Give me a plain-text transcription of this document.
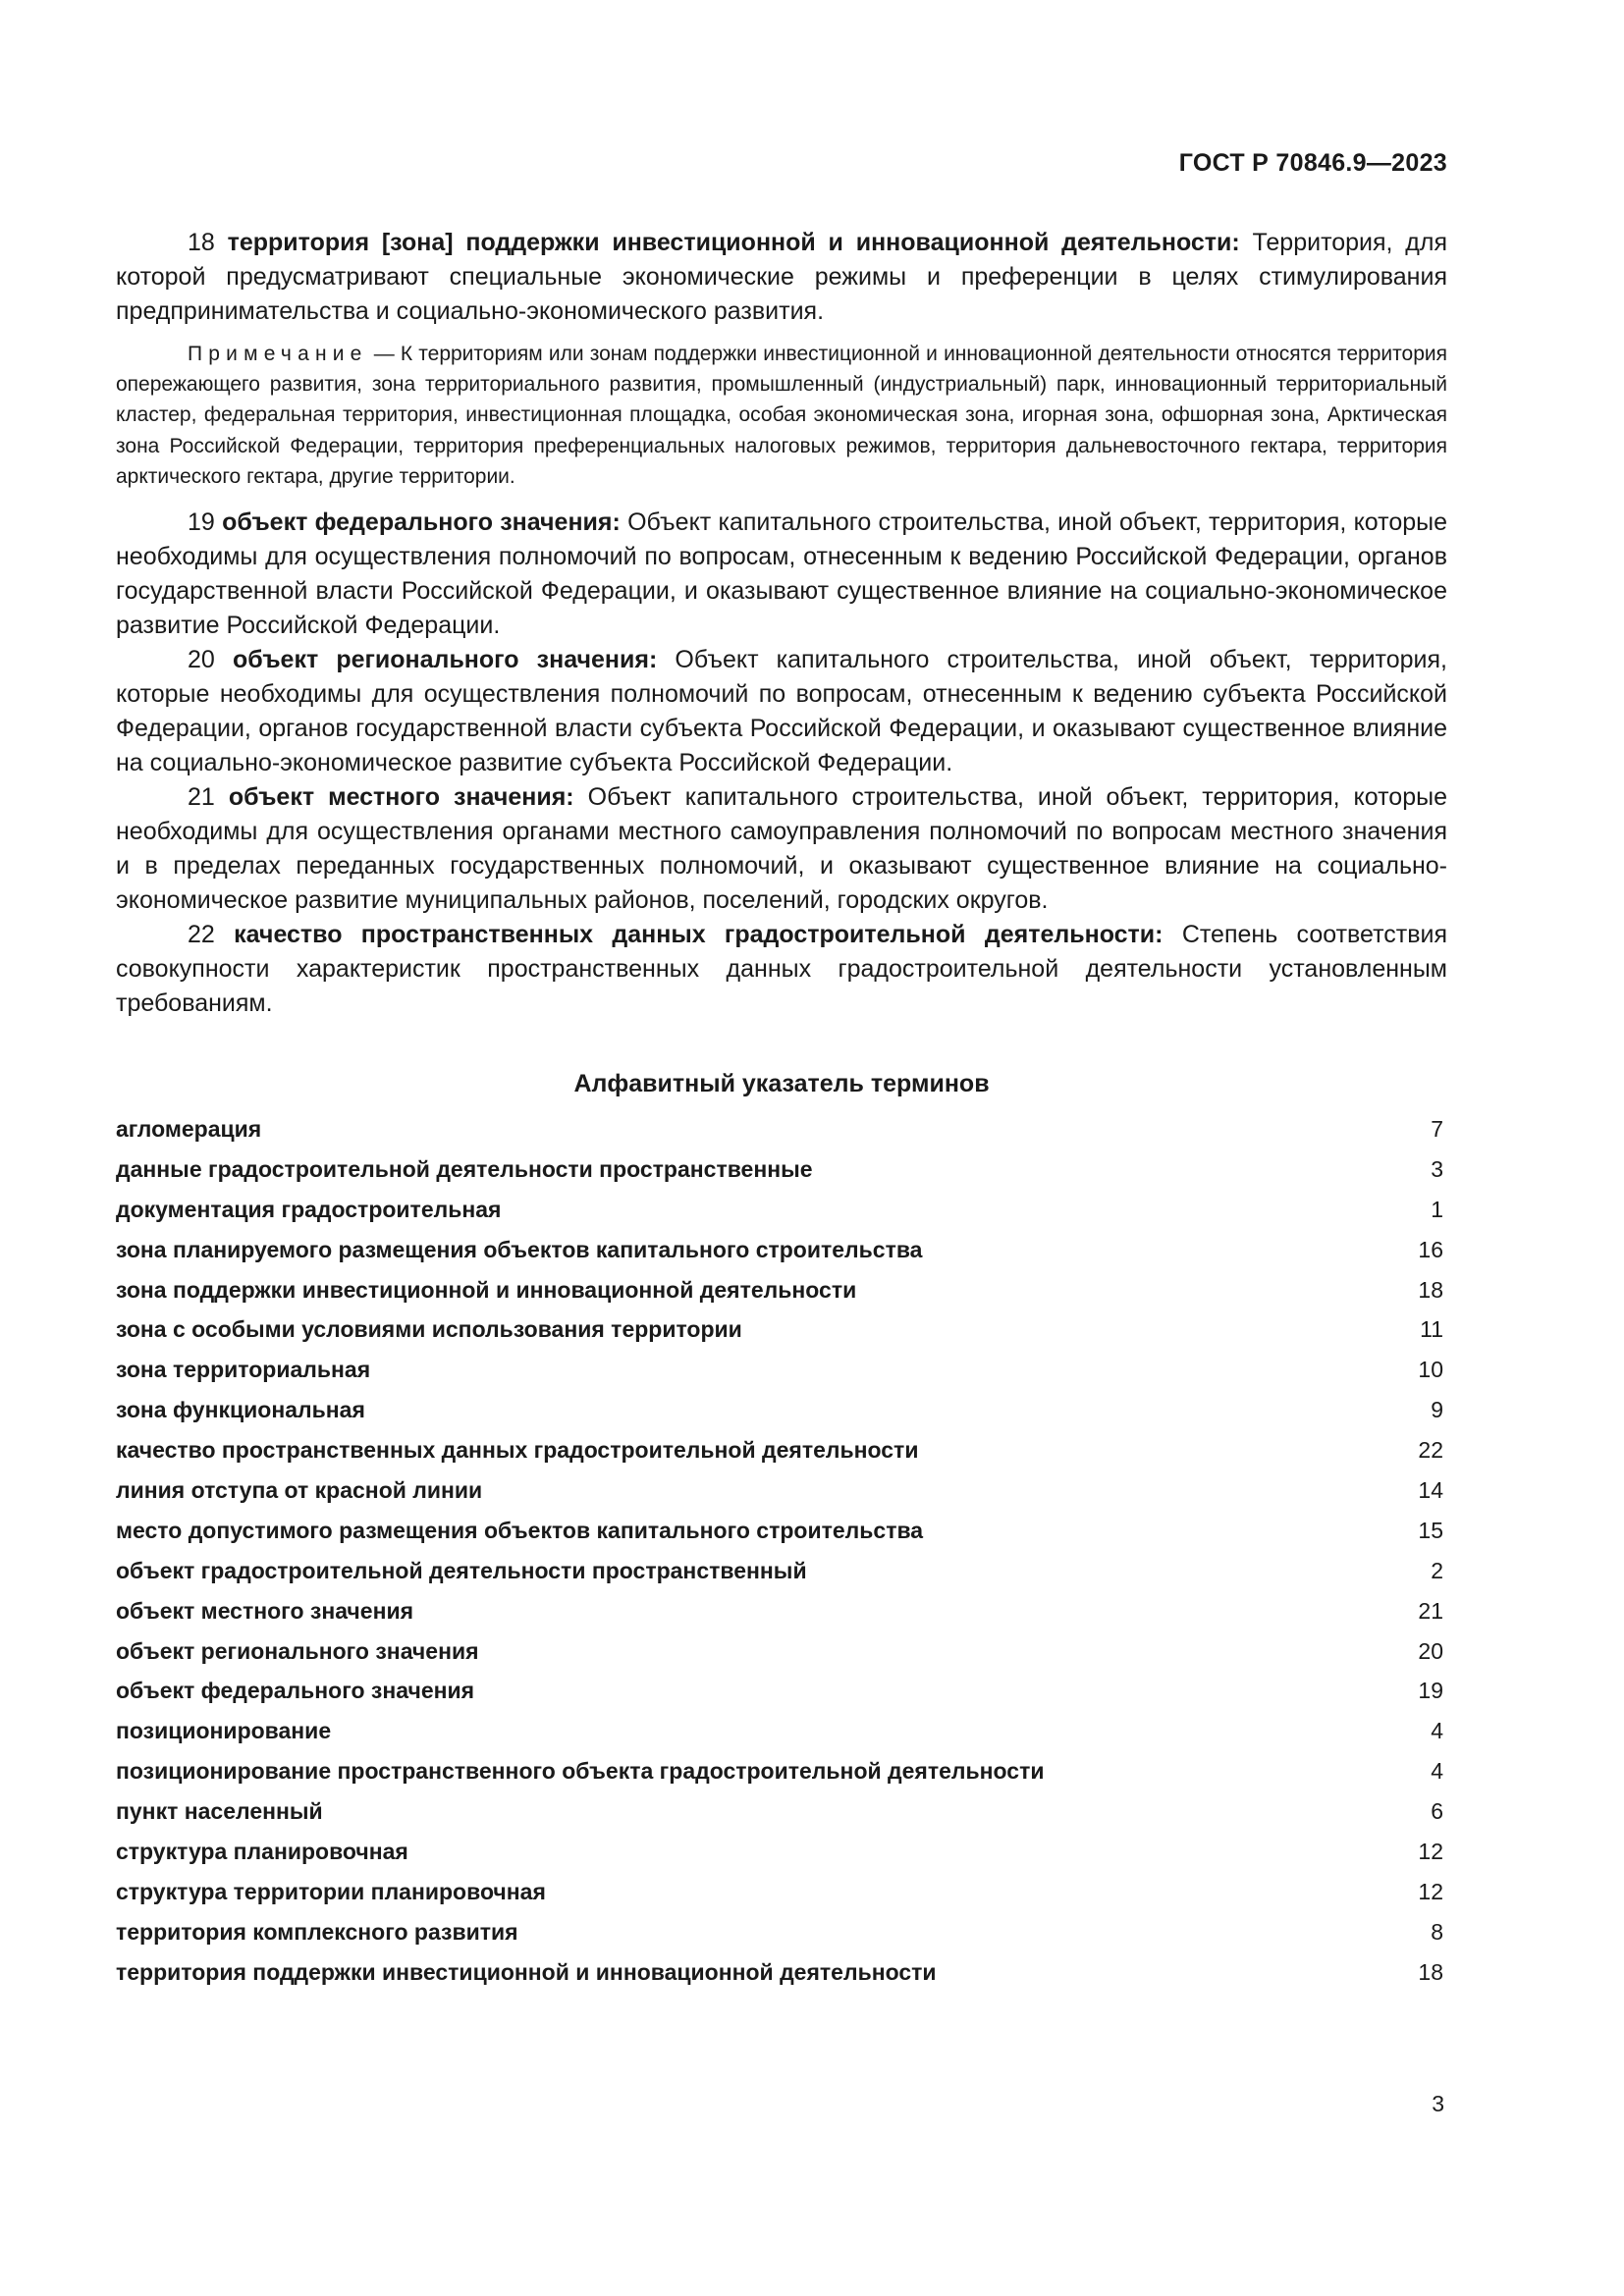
ГОСТ Р 70846.9—2023

18 территория [зона] поддержки инвестиционной и инновационной деятельности: Территория, для которой предусматривают специальные экономические режимы и преференции в целях стимулирования предпринимательства и социально-экономического развития.

Примечание — К территориям или зонам поддержки инвестиционной и инновационной деятельности относятся территория опережающего развития, зона территориального развития, промышленный (индустриальный) парк, инновационный территориальный кластер, федеральная территория, инвестиционная площадка, особая экономическая зона, игорная зона, офшорная зона, Арктическая зона Российской Федерации, территория преференциальных налоговых режимов, территория дальневосточного гектара, территория арктического гектара, другие территории.

19 объект федерального значения: Объект капитального строительства, иной объект, территория, которые необходимы для осуществления полномочий по вопросам, отнесенным к ведению Российской Федерации, органов государственной власти Российской Федерации, и оказывают существенное влияние на социально-экономическое развитие Российской Федерации.

20 объект регионального значения: Объект капитального строительства, иной объект, территория, которые необходимы для осуществления полномочий по вопросам, отнесенным к ведению субъекта Российской Федерации, органов государственной власти субъекта Российской Федерации, и оказывают существенное влияние на социально-экономическое развитие субъекта Российской Федерации.

21 объект местного значения: Объект капитального строительства, иной объект, территория, которые необходимы для осуществления органами местного самоуправления полномочий по вопросам местного значения и в пределах переданных государственных полномочий, и оказывают существенное влияние на социально-экономическое развитие муниципальных районов, поселений, городских округов.

22 качество пространственных данных градостроительной деятельности: Степень соответствия совокупности характеристик пространственных данных градостроительной деятельности установленным требованиям.

Алфавитный указатель терминов
агломерация	7
данные градостроительной деятельности пространственные	3
документация градостроительная	1
зона планируемого размещения объектов капитального строительства	16
зона поддержки инвестиционной и инновационной деятельности	18
зона с особыми условиями использования территории	11
зона территориальная	10
зона функциональная	9
качество пространственных данных градостроительной деятельности	22
линия отступа от красной линии	14
место допустимого размещения объектов капитального строительства	15
объект градостроительной деятельности пространственный	2
объект местного значения	21
объект регионального значения	20
объект федерального значения	19
позиционирование	4
позиционирование пространственного объекта градостроительной деятельности	4
пункт населенный	6
структура планировочная	12
структура территории планировочная	12
территория комплексного развития	8
территория поддержки инвестиционной и инновационной деятельности	18
3
